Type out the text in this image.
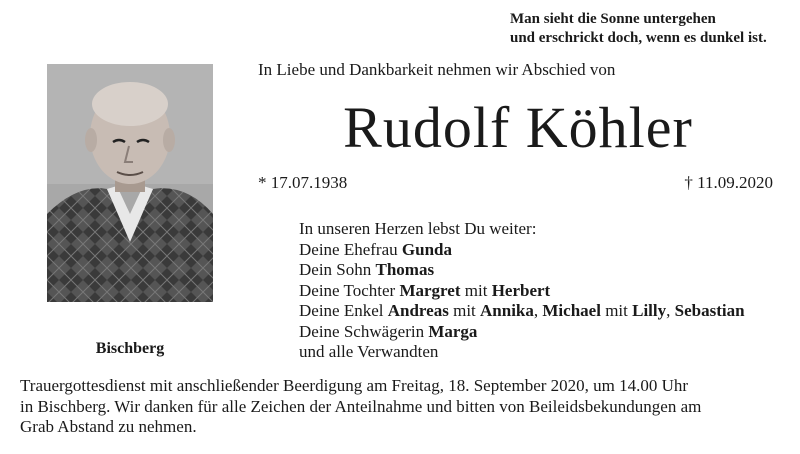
Man sieht die Sonne untergehen
und erschrickt doch, wenn es dunkel ist.
Bischberg
In Liebe und Dankbarkeit nehmen wir Abschied von
Rudolf Köhler
* 17.07.1938	† 11.09.2020
In unseren Herzen lebst Du weiter:
Deine Ehefrau Gunda
Dein Sohn Thomas
Deine Tochter Margret mit Herbert
Deine Enkel Andreas mit Annika, Michael mit Lilly, Sebastian
Deine Schwägerin Marga
und alle Verwandten
Trauergottesdienst mit anschließender Beerdigung am Freitag, 18. September 2020, um 14.00 Uhr
in Bischberg. Wir danken für alle Zeichen der Anteilnahme und bitten von Beileidsbekundungen am
Grab Abstand zu nehmen.
